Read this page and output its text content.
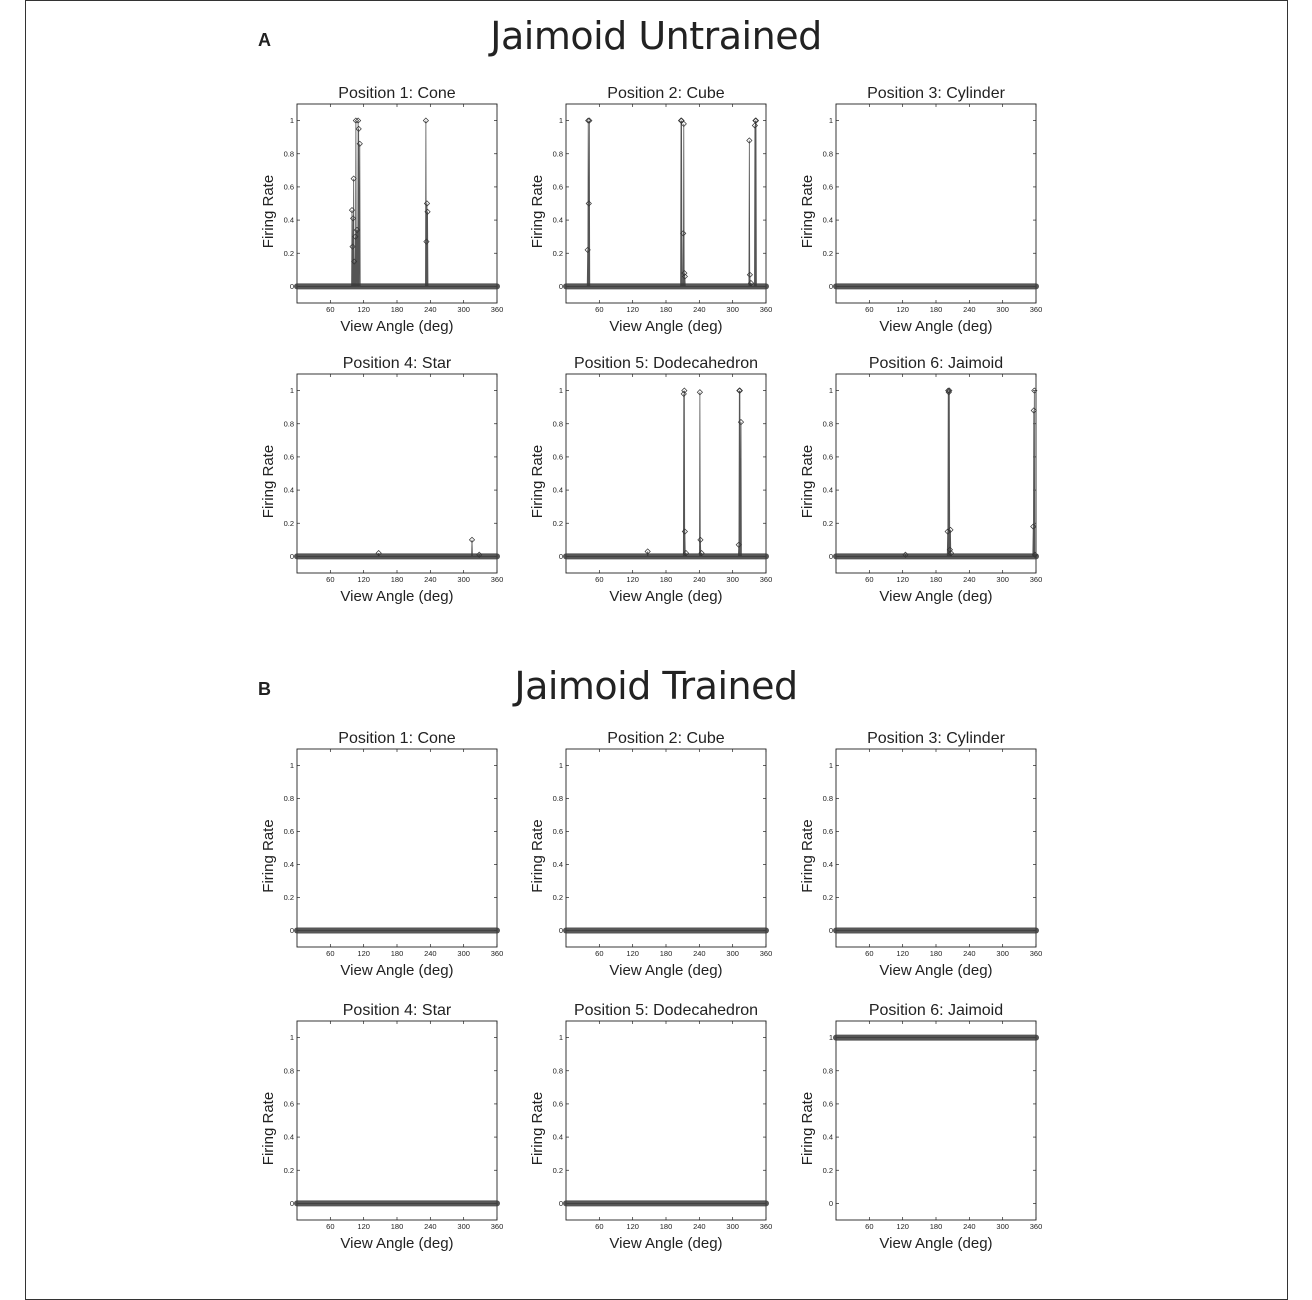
A	Jaimoid Untrained
B	Jaimoid Trained
Position 1: Cone
0
0.2
0.4
0.6
0.8
1
60	120	180	240	300	360
View Angle (deg)
Firing Rate
Position 2: Cube
0
0.2
0.4
0.6
0.8
1
60	120	180	240	300	360
View Angle (deg)
Firing Rate
Position 3: Cylinder
0
0.2
0.4
0.6
0.8
1
60	120	180	240	300	360
View Angle (deg)
Firing Rate
Position 4: Star
0
0.2
0.4
0.6
0.8
1
60	120	180	240	300	360
View Angle (deg)
Firing Rate
Position 5: Dodecahedron
0
0.2
0.4
0.6
0.8
1
60	120	180	240	300	360
View Angle (deg)
Firing Rate
Position 6: Jaimoid
0
0.2
0.4
0.6
0.8
1
60	120	180	240	300	360
View Angle (deg)
Firing Rate
Position 1: Cone
0
0.2
0.4
0.6
0.8
1
60	120	180	240	300	360
View Angle (deg)
Firing Rate
Position 2: Cube
0
0.2
0.4
0.6
0.8
1
60	120	180	240	300	360
View Angle (deg)
Firing Rate
Position 3: Cylinder
0
0.2
0.4
0.6
0.8
1
60	120	180	240	300	360
View Angle (deg)
Firing Rate
Position 4: Star
0
0.2
0.4
0.6
0.8
1
60	120	180	240	300	360
View Angle (deg)
Firing Rate
Position 5: Dodecahedron
0
0.2
0.4
0.6
0.8
1
60	120	180	240	300	360
View Angle (deg)
Firing Rate
Position 6: Jaimoid
0
0.2
0.4
0.6
0.8
1
60	120	180	240	300	360
View Angle (deg)
Firing Rate
